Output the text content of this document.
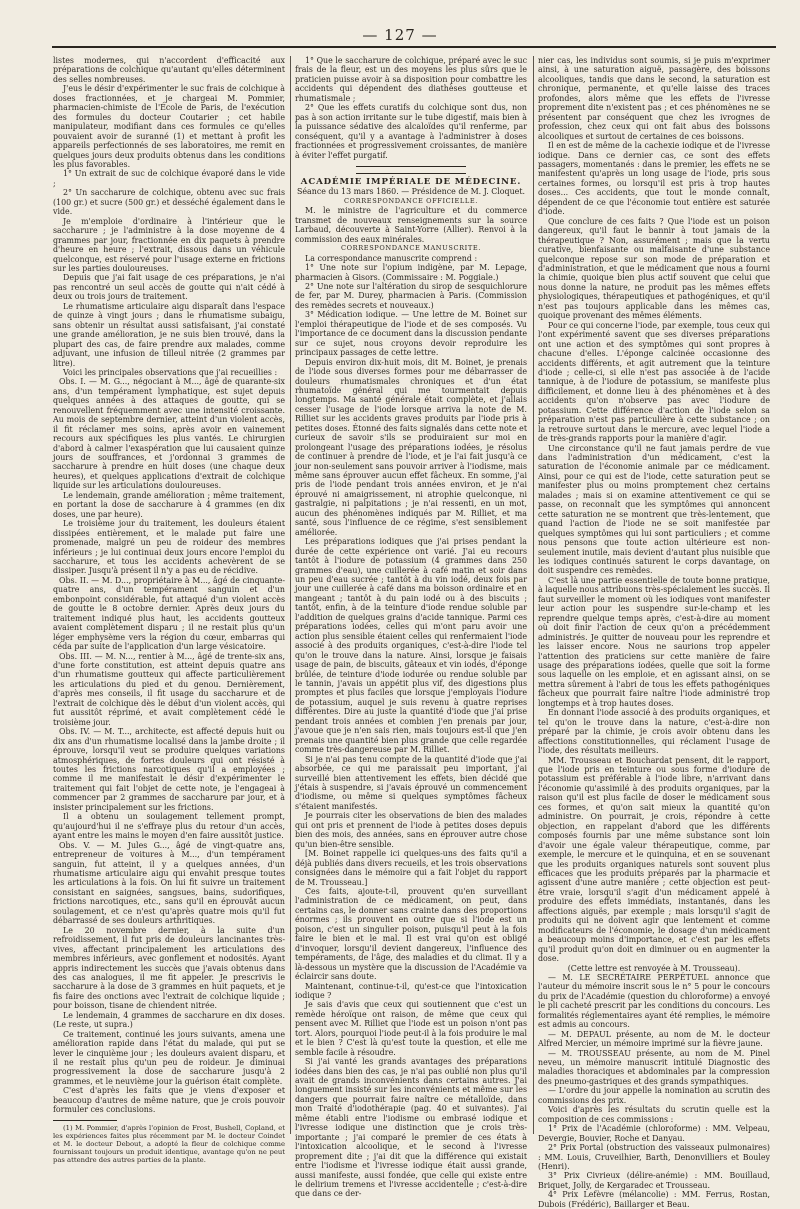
— 127 —

listes modernes, qui n'accordent d'efficacité aux préparations de colchique qu'autant qu'elles déterminent des selles nombreuses.

J'eus le désir d'expérimenter le suc frais de colchique à doses fractionnées, et je chargeai M. Pommier, pharmacien-chimiste de l'École de Paris, de l'exécution des formules du docteur Coutarier ; cet habile manipulateur, modifiant dans ces formules ce qu'elles pouvaient avoir de suranné (1) et mettant à profit les appareils perfectionnés de ses laboratoires, me remit en quelques jours deux produits obtenus dans les conditions les plus favorables.

1° Un extrait de suc de colchique évaporé dans le vide ;

2° Un saccharure de colchique, obtenu avec suc frais (100 gr.) et sucre (500 gr.) et desséché également dans le vide.

Je m'emploie d'ordinaire à l'intérieur que le saccharure ; je l'administre à la dose moyenne de 4 grammes par jour, fractionnée en dix paquets à prendre d'heure en heure ; l'extrait, dissous dans un véhicule quelconque, est réservé pour l'usage externe en frictions sur les parties douloureuses.

Depuis que j'ai fait usage de ces préparations, je n'ai pas rencontré un seul accès de goutte qui n'ait cédé à deux ou trois jours de traitement.

Le rhumatisme articulaire aigu disparaît dans l'espace de quinze à vingt jours ; dans le rhumatisme subaigu, sans obtenir un résultat aussi satisfaisant, j'ai constaté une grande amélioration, je ne suis bien trouvé, dans la plupart des cas, de faire prendre aux malades, comme adjuvant, une infusion de tilleul nitrée (2 grammes par litre).

Voici les principales observations que j'ai recueillies :

Obs. I. — M. G..., négociant à M..., âgé de quarante-six ans, d'un tempérament lymphatique, est sujet depuis quelques années à des attaques de goutte, qui se renouvellent fréquemment avec une intensité croissante. Au mois de septembre dernier, atteint d'un violent accès, il fit réclamer mes soins, après avoir en vainement recours aux spécifiques les plus vantés. Le chirurgien d'abord à calmer l'exaspération que lui causaient quinze jours de souffrances, et j'ordonnai 3 grammes de saccharure à prendre en huit doses (une chaque deux heures), et quelques applications d'extrait de colchique liquide sur les articulations douloureuses.

Le lendemain, grande amélioration ; même traitement, en portant la dose de saccharure à 4 grammes (en dix doses, une par heure).

Le troisième jour du traitement, les douleurs étaient dissipées entièrement, et le malade put faire une promenade, malgré un peu de roideur des membres inférieurs ; je lui continuai deux jours encore l'emploi du saccharure, et tous les accidents achevèrent de se dissiper. Jusqu'à présent il n'y a pas eu de récidive.

Obs. II. — M. D..., propriétaire à M..., âgé de cinquante-quatre ans, d'un tempérament sanguin et d'un embonpoint considérable, fut attaqué d'un violent accès de goutte le 8 octobre dernier. Après deux jours du traitement indiqué plus haut, les accidents goutteux avaient complètement disparu ; il ne restait plus qu'un léger emphysème vers la région du cœur, embarras qui céda par suite de l'application d'un large vésicatoire.

Obs. III. — M. N..., rentier à M..., âgé de trente-six ans, d'une forte constitution, est atteint depuis quatre ans d'un rhumatisme goutteux qui affecte particulièrement les articulations du pied et du genou. Dernièrement, d'après mes conseils, il fit usage du saccharure et de l'extrait de colchique dès le début d'un violent accès, qui fut aussitôt réprimé, et avait complètement cédé le troisième jour.

Obs. IV. — M. T..., architecte, est affecté depuis huit ou dix ans d'un rhumatisme localisé dans la jambe droite ; il éprouve, lorsqu'il veut se produire quelques variations atmosphériques, de fortes douleurs qui ont résisté à toutes les frictions narcotiques qu'il a employées ; comme il me manifestait le désir d'expérimenter le traitement qui fait l'objet de cette note, je l'engageai à commencer par 2 grammes de saccharure par jour, et à insister principalement sur les frictions.

Il a obtenu un soulagement tellement prompt, qu'aujourd'hui il ne s'effraye plus du retour d'un accès, ayant entre les mains le moyen d'en faire aussitôt justice.

Obs. V. — M. Jules G..., âgé de vingt-quatre ans, entrepreneur de voitures à M..., d'un tempérament sanguin, fut atteint, il y a quelques années, d'un rhumatisme articulaire aigu qui envahit presque toutes les articulations à la fois. On lui fit suivre un traitement consistant en saignées, sangsues, bains, sudorifiques, frictions narcotiques, etc., sans qu'il en éprouvât aucun soulagement, et ce n'est qu'après quatre mois qu'il fut débarrassé de ses douleurs arthritiques.

Le 20 novembre dernier, à la suite d'un refroidissement, il fut pris de douleurs lancinantes très-vives, affectant principalement les articulations des membres inférieurs, avec gonflement et nodosités. Ayant appris indirectement les succès que j'avais obtenus dans des cas analogues, il me fit appeler. Je prescrivis le saccharure à la dose de 3 grammes en huit paquets, et je fis faire des onctions avec l'extrait de colchique liquide ; pour boisson, tisane de chiendent nitrée.

Le lendemain, 4 grammes de saccharure en dix doses. (Le reste, ut supra.)

Ce traitement, continué les jours suivants, amena une amélioration rapide dans l'état du malade, qui put se lever le cinquième jour ; les douleurs avaient disparu, et il ne restait plus qu'un peu de roideur. Je diminuai progressivement la dose de saccharure jusqu'à 2 grammes, et le neuvième jour la guérison était complète.

C'est d'après les faits que je viens d'exposer et beaucoup d'autres de même nature, que je crois pouvoir formuler ces conclusions.

(1) M. Pommier, d'après l'opinion de Frost, Bushell, Copland, et les expériences faites plus récemment par M. le docteur Coindet et M. le docteur Debout, a adopté la fleur de colchique comme fournissant toujours un produit identique, avantage qu'on ne peut pas attendre des autres parties de la plante.

1° Que le saccharure de colchique, préparé avec le suc frais de la fleur, est un des moyens les plus sûrs que le praticien puisse avoir à sa disposition pour combattre les accidents qui dépendent des diathèses goutteuse et rhumatismale ;

2° Que les effets curatifs du colchique sont dus, non pas à son action irritante sur le tube digestif, mais bien à la puissance sédative des alcaloïdes qu'il renferme, par conséquent, qu'il y a avantage à l'administrer à doses fractionnées et progressivement croissantes, de manière à éviter l'effet purgatif.

ACADÉMIE IMPÉRIALE DE MÉDECINE.

Séance du 13 mars 1860. — Présidence de M. J. Cloquet.

CORRESPONDANCE OFFICIELLE.

M. le ministre de l'agriculture et du commerce transmet de nouveaux renseignements sur la source Larbaud, découverte à Saint-Yorre (Allier). Renvoi à la commission des eaux minérales.

CORRESPONDANCE MANUSCRITE.

La correspondance manuscrite comprend :

1° Une note sur l'opium indigène, par M. Lepage, pharmacien à Gisors. (Commissaire : M. Poggiale.)

2° Une note sur l'altération du sirop de sesquichlorure de fer, par M. Durey, pharmacien à Paris. (Commission des remèdes secrets et nouveaux.)

3° Médication iodique. — Une lettre de M. Boinet sur l'emploi thérapeutique de l'iode et de ses composés. Vu l'importance de ce document dans la discussion pendante sur ce sujet, nous croyons devoir reproduire les principaux passages de cette lettre.

Depuis environ dix-huit mois, dit M. Boinet, je prenais de l'iode sous diverses formes pour me débarrasser de douleurs rhumatismales chroniques et d'un état rhumatoïde général qui me tourmentait depuis longtemps. Ma santé générale était complète, et j'allais cesser l'usage de l'iode lorsque arriva la note de M. Rilliet sur les accidents graves produits par l'iode pris à petites doses. Étonné des faits signalés dans cette note et curieux de savoir s'ils se produiraient sur moi en prolongeant l'usage des préparations iodées, je résolus de continuer à prendre de l'iode, et je l'ai fait jusqu'à ce jour non-seulement sans pouvoir arriver à l'iodisme, mais même sans éprouver aucun effet fâcheux. En somme, j'ai pris de l'iode pendant trois années environ, et je n'ai éprouvé ni amaigrissement, ni atrophie quelconque, ni gastralgie, ni palpitations ; je n'ai ressenti, en un mot, aucun des phénomènes indiqués par M. Rilliet, et ma santé, sous l'influence de ce régime, s'est sensiblement améliorée.

Les préparations iodiques que j'ai prises pendant la durée de cette expérience ont varié. J'ai eu recours tantôt à l'iodure de potassium (4 grammes dans 250 grammes d'eau), une cuillerée à café matin et soir dans un peu d'eau sucrée ; tantôt à du vin iodé, deux fois par jour une cuillerée à café dans ma boisson ordinaire et en mangeant ; tantôt à du pain iodé ou à des biscuits ; tantôt, enfin, à de la teinture d'iode rendue soluble par l'addition de quelques grains d'acide tannique. Parmi ces préparations iodées, celles qui m'ont paru avoir une action plus sensible étaient celles qui renfermaient l'iode associé à des produits organiques, c'est-à-dire l'iode tel qu'on le trouve dans la nature. Ainsi, lorsque je faisais usage de pain, de biscuits, gâteaux et vin iodés, d'éponge brûlée, de teinture d'iode iodurée ou rendue soluble par le tannin, j'avais un appétit plus vif, des digestions plus promptes et plus faciles que lorsque j'employais l'iodure de potassium, auquel je suis revenu à quatre reprises différentes. Dire au juste la quantité d'iode que j'ai prise pendant trois années et combien j'en prenais par jour, j'avoue que je n'en sais rien, mais toujours est-il que j'en prenais une quantité bien plus grande que celle regardée comme très-dangereuse par M. Rilliet.

Si je n'ai pas tenu compte de la quantité d'iode que j'ai absorbée, ce qui me paraissait peu important, j'ai surveillé bien attentivement les effets, bien décidé que j'étais à suspendre, si j'avais éprouvé un commencement d'iodisme, ou même si quelques symptômes fâcheux s'étaient manifestés.

Je pourrais citer les observations de bien des malades qui ont pris et prennent de l'iode à petites doses depuis bien des mois, des années, sans en éprouver autre chose qu'un bien-être sensible.

[M. Boinet rappelle ici quelques-uns des faits qu'il a déjà publiés dans divers recueils, et les trois observations consignées dans le mémoire qui a fait l'objet du rapport de M. Trousseau.]

Ces faits, ajoute-t-il, prouvent qu'en surveillant l'administration de ce médicament, on peut, dans certains cas, le donner sans crainte dans des proportions énormes ; ils prouvent en outre que si l'iode est un poison, c'est un singulier poison, puisqu'il peut à la fois faire le bien et le mal. Il est vrai qu'on est obligé d'invoquer, lorsqu'il devient dangereux, l'influence des tempéraments, de l'âge, des maladies et du climat. Il y a là-dessous un mystère que la discussion de l'Académie va éclaircir sans doute.

Maintenant, continue-t-il, qu'est-ce que l'intoxication iodique ?

Je sais d'avis que ceux qui soutiennent que c'est un remède héroïque ont raison, de même que ceux qui pensent avec M. Rilliet que l'iode est un poison n'ont pas tort. Alors, pourquoi l'iode peut-il à la fois produire le mal et le bien ? C'est là qu'est toute la question, et elle me semble facile à résoudre.

Si j'ai vanté les grands avantages des préparations iodées dans bien des cas, je n'ai pas oublié non plus qu'il avait de grands inconvénients dans certains autres. J'ai longuement insisté sur les inconvénients et même sur les dangers que pourrait faire naître ce métalloïde, dans mon Traité d'iodothérapie (pag. 40 et suivantes). J'ai même établi entre l'iodisme ou embrasé iodique et l'ivresse iodique une distinction que je crois très-importante ; j'ai comparé le premier de ces états à l'intoxication alcoolique, et le second à l'ivresse proprement dite ; j'ai dit que la différence qui existait entre l'iodisme et l'ivresse iodique était aussi grande, aussi manifeste, aussi fondée, que celle qui existe entre le delirium tremens et l'ivresse accidentelle ; c'est-à-dire que dans ce der-

nier cas, les individus sont soumis, si je puis m'exprimer ainsi, à une saturation aiguë, passagère, des boissons alcooliques, tandis que dans le second, la saturation est chronique, permanente, et qu'elle laisse des traces profondes, alors même que les effets de l'ivresse proprement dite n'existent pas ; et ces phénomènes ne se présentent par conséquent que chez les ivrognes de profession, chez ceux qui ont fait abus des boissons alcooliques et surtout de certaines de ces boissons.

Il en est de même de la cachexie iodique et de l'ivresse iodique. Dans ce dernier cas, ce sont des effets passagers, momentanés : dans le premier, les effets ne se manifestent qu'après un long usage de l'iode, pris sous certaines formes, ou lorsqu'il est pris à trop hautes doses... Ces accidents, que tout le monde connaît, dépendent de ce que l'économie tout entière est saturée d'iode.

Que conclure de ces faits ? Que l'iode est un poison dangereux, qu'il faut le bannir à tout jamais de la thérapeutique ? Non, assurément ; mais que la vertu curative, bienfaisante ou malfaisante d'une substance quelconque repose sur son mode de préparation et d'administration, et que le médicament que nous a fourni la chimie, quoique bien plus actif souvent que celui que nous donne la nature, ne produit pas les mêmes effets physiologiques, thérapeutiques et pathogéniques, et qu'il n'est pas toujours applicable dans les mêmes cas, quoique provenant des mêmes éléments.

Pour ce qui concerne l'iode, par exemple, tous ceux qui l'ont expérimenté savent que ses diverses préparations ont une action et des symptômes qui sont propres à chacune d'elles. L'éponge calcinée occasionne des accidents différents, et agit autrement que la teinture d'iode ; celle-ci, si elle n'est pas associée à de l'acide tannique, à de l'iodure de potassium, se manifeste plus difficilement, et donne lieu à des phénomènes et à des accidents qu'on n'observe pas avec l'iodure de potassium. Cette différence d'action de l'iode selon sa préparation n'est pas particulière à cette substance ; on la retrouve surtout dans le mercure, avec lequel l'iode a de très-grands rapports pour la manière d'agir.

Une circonstance qu'il ne faut jamais perdre de vue dans l'administration d'un médicament, c'est la saturation de l'économie animale par ce médicament. Ainsi, pour ce qui est de l'iode, cette saturation peut se manifester plus ou moins promptement chez certains malades ; mais si on examine attentivement ce qui se passe, on reconnaît que les symptômes qui annoncent cette saturation ne se montrent que très-lentement, que quand l'action de l'iode ne se soit manifestée par quelques symptômes qui lui sont particuliers ; et comme nous pensons que toute action ultérieure est non-seulement inutile, mais devient d'autant plus nuisible que les iodiques continués saturent le corps davantage, on doit suspendre ces remèdes.

C'est là une partie essentielle de toute bonne pratique, à laquelle nous attribuons très-spécialement les succès. Il faut surveiller le moment où les iodiques vont manifester leur action pour les suspendre sur-le-champ et les reprendre quelque temps après, c'est-à-dire au moment où doit finir l'action de ceux qu'on a précédemment administrés. Je quitter de nouveau pour les reprendre et les laisser encore. Nous ne saurions trop appeler l'attention des praticiens sur cette manière de faire usage des préparations iodées, quelle que soit la forme sous laquelle on les emploie, et en agissant ainsi, on se mettra sûrement à l'abri de tous les effets pathogéniques fâcheux que pourrait faire naître l'iode administré trop longtemps et à trop hautes doses.

En donnant l'iode associé à des produits organiques, et tel qu'on le trouve dans la nature, c'est-à-dire non préparé par la chimie, je crois avoir obtenu dans les affections constitutionnelles, qui réclament l'usage de l'iode, des résultats meilleurs.

MM. Trousseau et Bouchardat pensent, dit le rapport, que l'iode pris en teinture ou sous forme d'iodure de potassium est préférable à l'iode libre, n'arrivant dans l'économie qu'assimilé à des produits organiques, par la raison qu'il est plus facile de doser le médicament sous ces formes, et qu'on sait mieux la quantité qu'on administre. On pourrait, je crois, répondre à cette objection, en rappelant d'abord que les différents composés fournis par une même substance sont loin d'avoir une égale valeur thérapeutique, comme, par exemple, le mercure et le quinquina, et en se souvenant que les produits organiques naturels sont souvent plus efficaces que les produits préparés par la pharmacie et agissent d'une autre manière ; cette objection est peut-être vraie, lorsqu'il s'agit d'un médicament appelé à produire des effets immédiats, instantanés, dans les affections aiguës, par exemple ; mais lorsqu'il s'agit de produits qui ne doivent agir que lentement et comme modificateurs de l'économie, le dosage d'un médicament a beaucoup moins d'importance, et c'est par les effets qu'il produit qu'on doit en diminuer ou en augmenter la dose.

(Cette lettre est renvoyée à M. Trousseau).

— M. LE SECRÉTAIRE PERPÉTUEL annonce que l'auteur du mémoire inscrit sous le n° 5 pour le concours du prix de l'Académie (question du chloroforme) a envoyé le pli cacheté prescrit par les conditions du concours. Les formalités réglementaires ayant été remplies, le mémoire est admis au concours.

— M. DEPAUL présente, au nom de M. le docteur Alfred Mercier, un mémoire imprimé sur la fièvre jaune.

— M. TROUSSEAU présente, au nom de M. Pinel neveu, un mémoire manuscrit intitulé Diagnostic des maladies thoraciques et abdominales par la compression des pneumo-gastriques et des grands sympathiques.

— L'ordre du jour appelle la nomination au scrutin des commissions des prix.

Voici d'après les résultats du scrutin quelle est la composition de ces commissions :

1° Prix de l'Académie (chloroforme) : MM. Velpeau, Devergie, Bouvier, Roche et Danyau.

2° Prix Portal (obstruction des vaisseaux pulmonaires) : MM. Louis, Cruveilhier, Barth, Denonvilliers et Bouley (Henri).

3° Prix Civrieux (délire-anémie) : MM. Bouillaud, Briquet, Jolly, de Kergaradec et Trousseau.

4° Prix Lefèvre (mélancolie) : MM. Ferrus, Rostan, Dubois (Frédéric), Baillarger et Beau.
